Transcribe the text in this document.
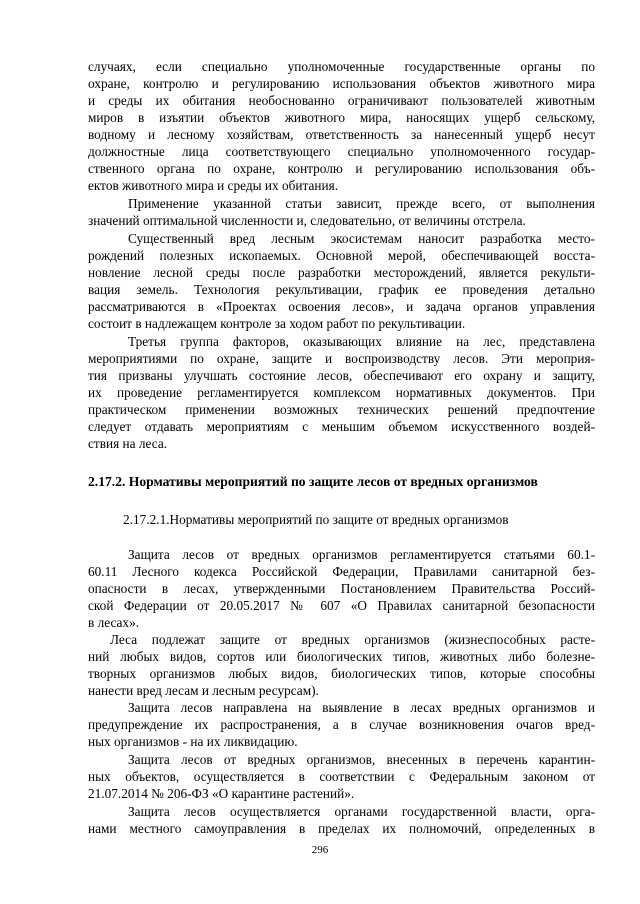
случаях, если специально уполномоченные государственные органы по

охране, контролю и регулированию использования объектов животного мира

и среды их обитания необоснованно ограничивают пользователей животным

миров в изъятии объектов животного мира, наносящих ущерб сельскому,

водному и лесному хозяйствам, ответственность за нанесенный ущерб несут

должностные лица соответствующего специально уполномоченного государ-

ственного органа по охране, контролю и регулированию использования объ-

ектов животного мира и среды их обитания.

Применение указанной статьи зависит, прежде всего, от выполнения

значений оптимальной численности и, следовательно, от величины отстрела.

Существенный вред лесным экосистемам наносит разработка место-

рождений полезных ископаемых. Основной мерой, обеспечивающей восста-

новление лесной среды после разработки месторождений, является рекульти-

вация земель. Технология рекультивации, график ее проведения детально

рассматриваются в «Проектах освоения лесов», и задача органов управления

состоит в надлежащем контроле за ходом работ по рекультивации.

Третья группа факторов, оказывающих влияние на лес, представлена

мероприятиями по охране, защите и воспроизводству лесов. Эти мероприя-

тия призваны улучшать состояние лесов, обеспечивают его охрану и защиту,

их проведение регламентируется комплексом нормативных документов. При

практическом применении возможных технических решений предпочтение

следует отдавать мероприятиям с меньшим объемом искусственного воздей-

ствия на леса.

2.17.2. Нормативы мероприятий по защите лесов от вредных организмов

2.17.2.1.Нормативы мероприятий по защите от вредных организмов

Защита лесов от вредных организмов регламентируется статьями 60.1-

60.11 Лесного кодекса Российской Федерации, Правилами санитарной без-

опасности в лесах, утвержденными Постановлением Правительства Россий-

ской Федерации от 20.05.2017 № 607 «О Правилах санитарной безопасности

в лесах».

Леса подлежат защите от вредных организмов (жизнеспособных расте-

ний любых видов, сортов или биологических типов, животных либо болезне-

творных организмов любых видов, биологических типов, которые способны

нанести вред лесам и лесным ресурсам).

Защита лесов направлена на выявление в лесах вредных организмов и

предупреждение их распространения, а в случае возникновения очагов вред-

ных организмов - на их ликвидацию.

Защита лесов от вредных организмов, внесенных в перечень карантин-

ных объектов, осуществляется в соответствии с Федеральным законом от

21.07.2014 № 206-ФЗ «О карантине растений».

Защита лесов осуществляется органами государственной власти, орга-

нами местного самоуправления в пределах их полномочий, определенных в

296
